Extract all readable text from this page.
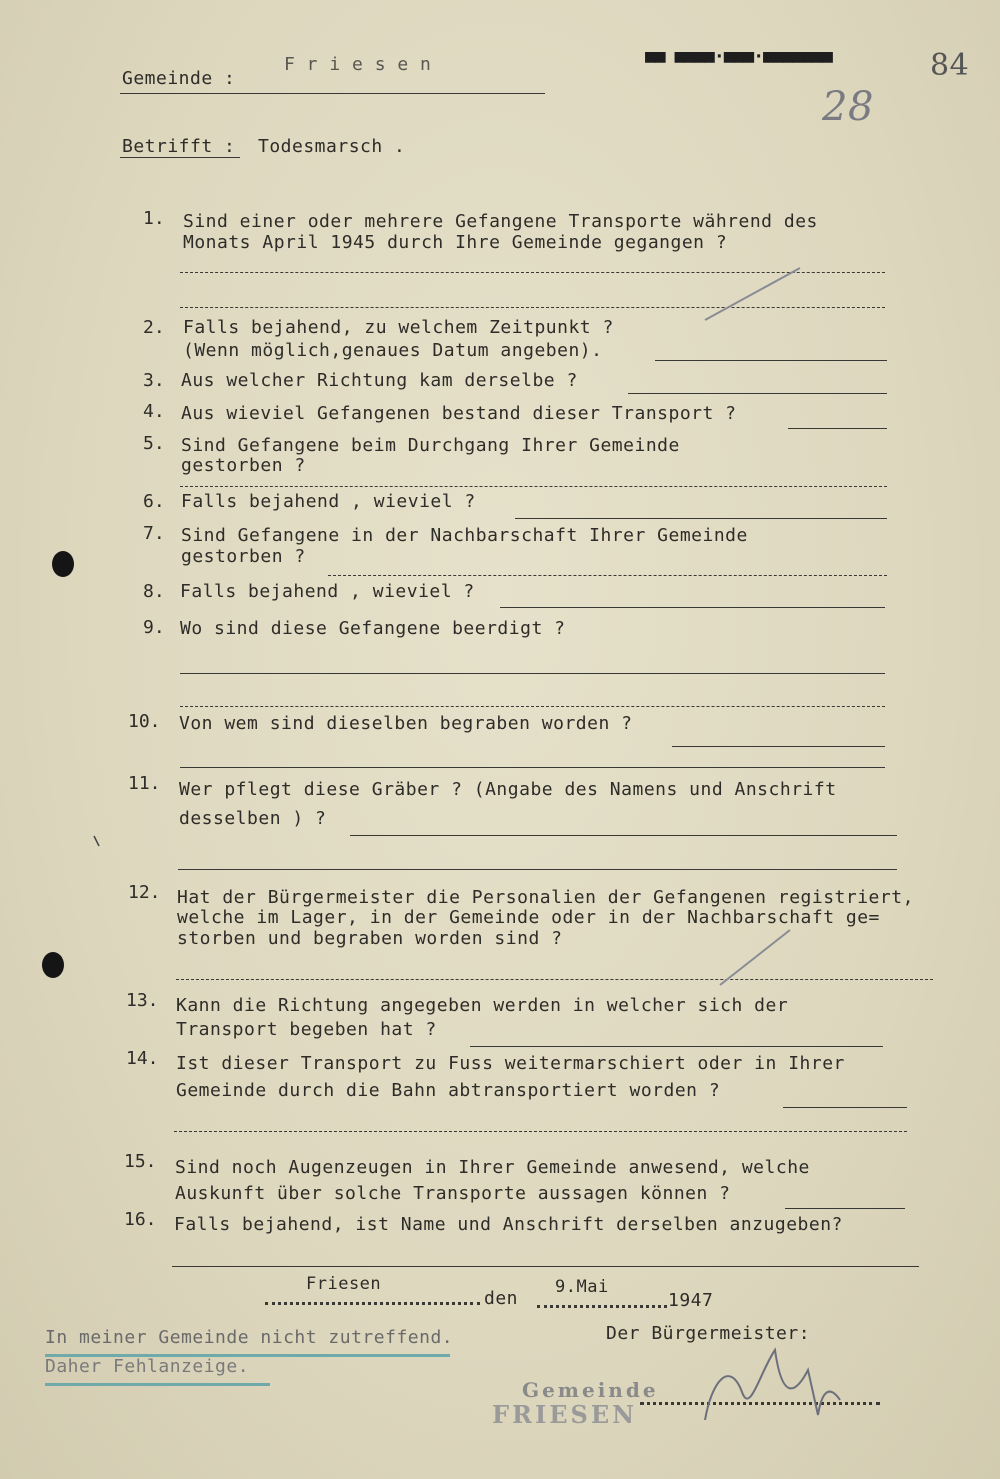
Gemeinde :
F r i e s e n	■■ ■■■■·■■■·■■■■■■■	84
28
Betrifft : Todesmarsch .
1. Sind einer oder mehrere Gefangene Transporte während des
Monats April 1945 durch Ihre Gemeinde gegangen ?
2. Falls bejahend, zu welchem Zeitpunkt ?
(Wenn möglich,genaues Datum angeben).
3. Aus welcher Richtung kam derselbe ?
4. Aus wieviel Gefangenen bestand dieser Transport ?
5. Sind Gefangene beim Durchgang Ihrer Gemeinde
gestorben ?
6. Falls bejahend , wieviel ?
7. Sind Gefangene in der Nachbarschaft Ihrer Gemeinde
gestorben ?
8. Falls bejahend , wieviel ?
9. Wo sind diese Gefangene beerdigt ?
10. Von wem sind dieselben begraben worden ?
11. Wer pflegt diese Gräber ? (Angabe des Namens und Anschrift
desselben ) ?
12. Hat der Bürgermeister die Personalien der Gefangenen registriert,
welche im Lager, in der Gemeinde oder in der Nachbarschaft ge=
storben und begraben worden sind ?
13. Kann die Richtung angegeben werden in welcher sich der
Transport begeben hat ?
14. Ist dieser Transport zu Fuss weitermarschiert oder in Ihrer
Gemeinde durch die Bahn abtransportiert worden ?
15. Sind noch Augenzeugen in Ihrer Gemeinde anwesend, welche
Auskunft über solche Transporte aussagen können ?
16. Falls bejahend, ist Name und Anschrift derselben anzugeben?
Friesen
den
9.Mai
1947
Der Bürgermeister:
In meiner Gemeinde nicht zutreffend.
Daher Fehlanzeige.
Gemeinde
FRIESEN
